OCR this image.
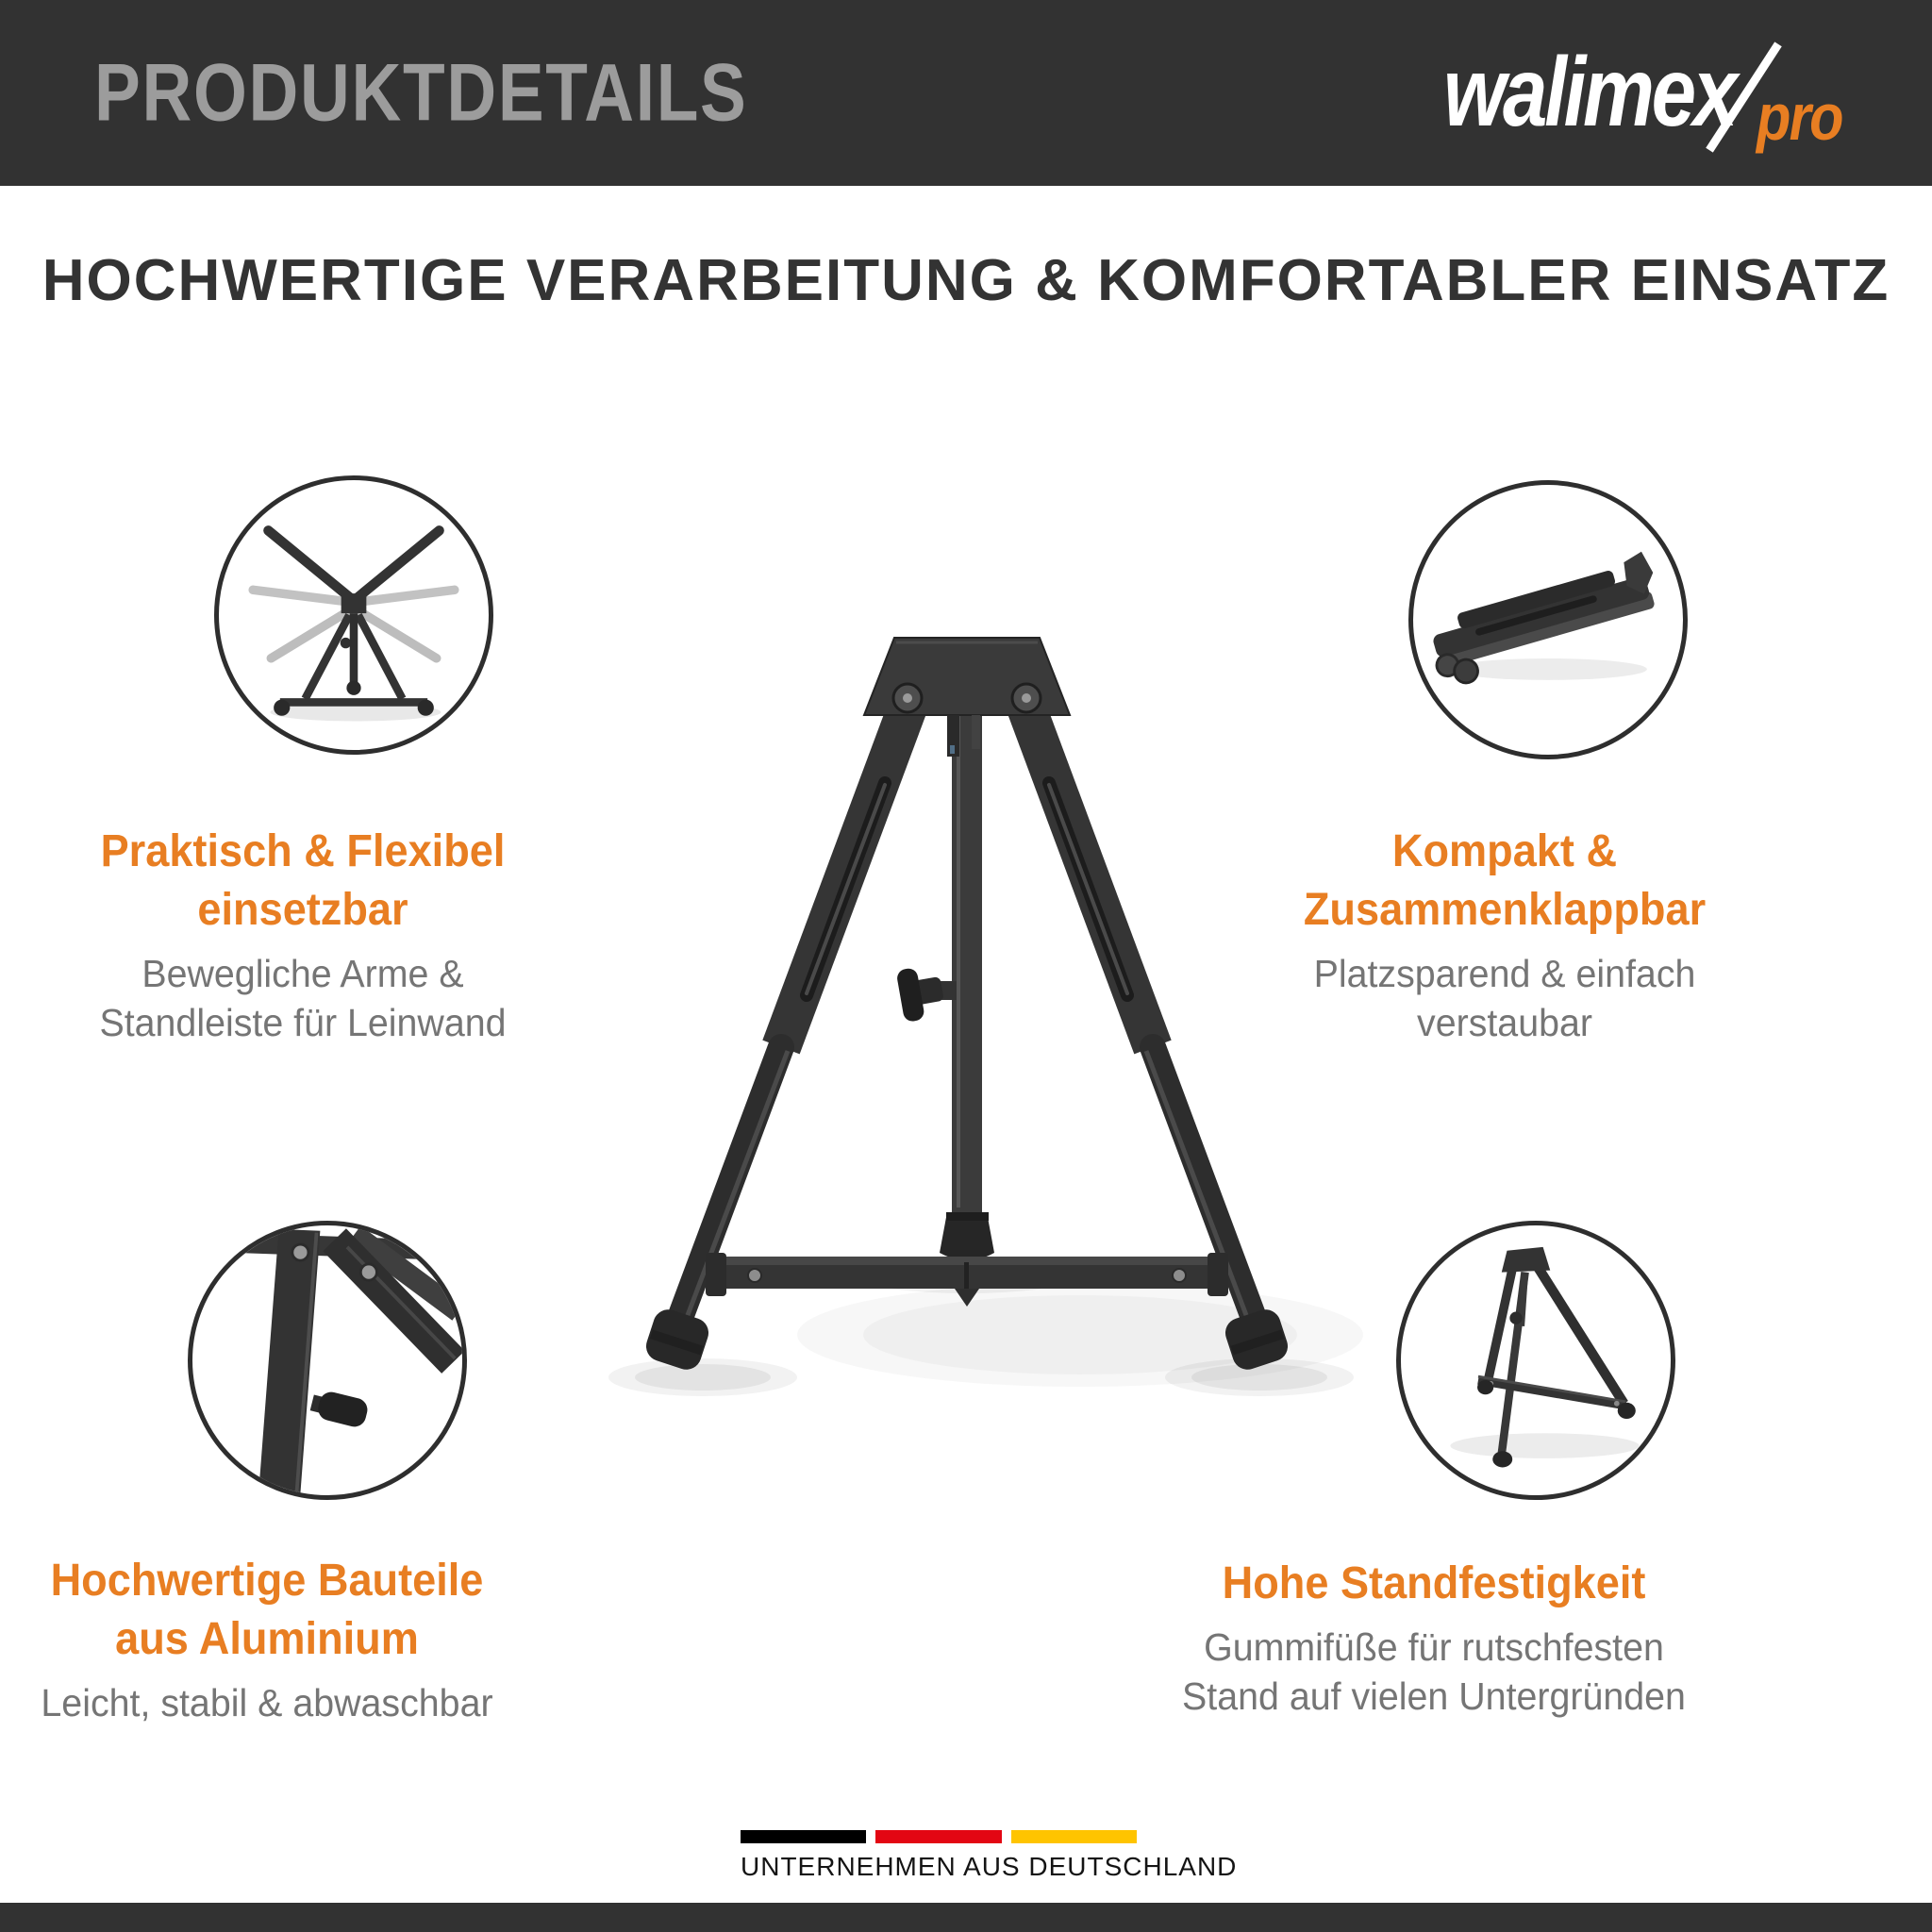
PRODUKTDETAILS	walimex pro
HOCHWERTIGE VERARBEITUNG & KOMFORTABLER EINSATZ
Praktisch & Flexibel
einsetzbar
Bewegliche Arme &
Standleiste für Leinwand
Kompakt &
Zusammenklappbar
Platzsparend & einfach
verstaubar
Hochwertige Bauteile
aus Aluminium
Leicht, stabil & abwaschbar
Hohe Standfestigkeit
Gummifüße für rutschfesten
Stand auf vielen Untergründen
UNTERNEHMEN AUS DEUTSCHLAND
